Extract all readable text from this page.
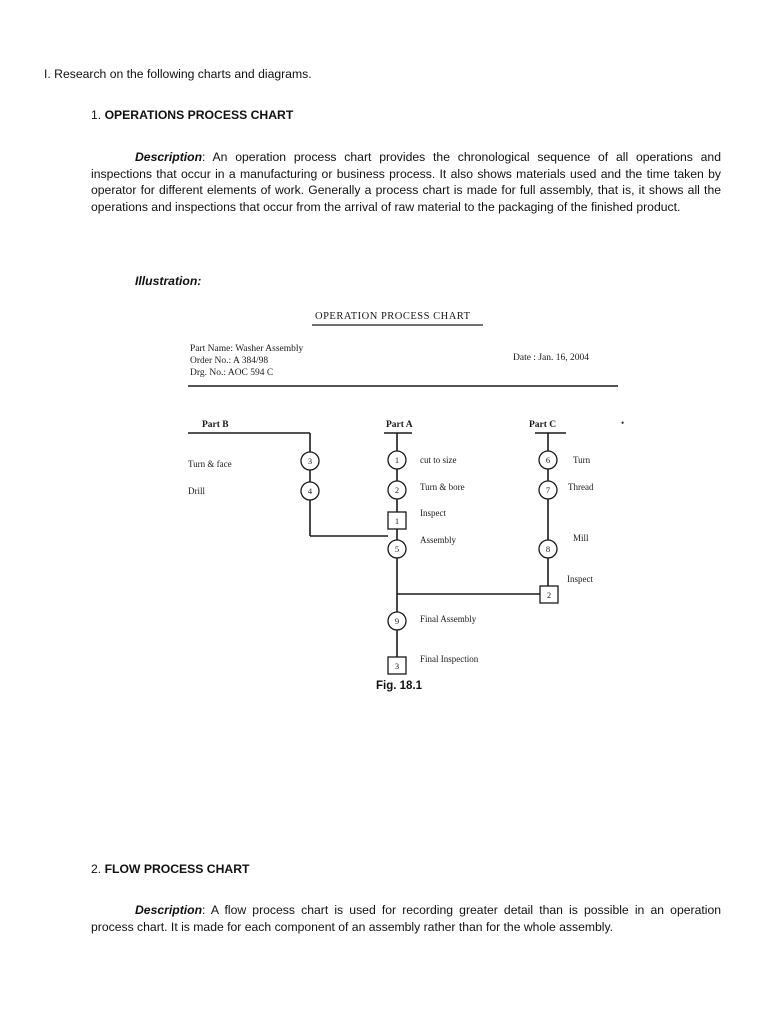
I. Research on the following charts and diagrams.
1. OPERATIONS PROCESS CHART
Description: An operation process chart provides the chronological sequence of all operations and inspections that occur in a manufacturing or business process. It also shows materials used and the time taken by operator for different elements of work. Generally a process chart is made for full assembly, that is, it shows all the operations and inspections that occur from the arrival of raw material to the packaging of the finished product.
Illustration:
OPERATION PROCESS CHART
Part Name: Washer Assembly
Order No.: A 384/98
Drg. No.: AOC 594 C
Date : Jan. 16, 2004
Part B	Part A	Part C	•
3
4
1
2
1
5
6
7
8
2
9
3
Turn & face
Drill
cut to size
Turn & bore
Inspect
Assembly
Turn
Thread
Mill
Inspect
Final Assembly
Final Inspection
Fig. 18.1
2. FLOW PROCESS CHART
Description: A flow process chart is used for recording greater detail than is possible in an operation process chart. It is made for each component of an assembly rather than for the whole assembly.
